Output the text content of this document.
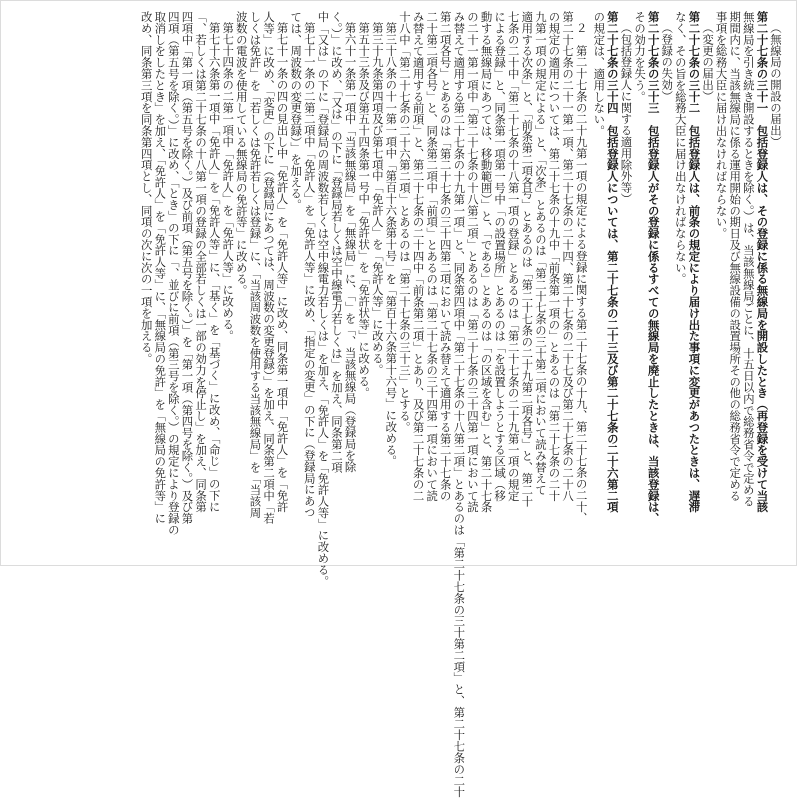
（無線局の開設の届出）
第二十七条の三十一　包括登録人は、その登録に係る無線局を開設したとき（再登録を受けて当該
無線局を引き続き開設するときを除く。）は、当該無線局ごとに、十五日以内で総務省令で定める
期間内に、当該無線局に係る運用開始の期日及び無線設備の設置場所その他の総務省令で定める
事項を総務大臣に届け出なければならない。
（変更の届出）
第二十七条の三十二　包括登録人は、前条の規定により届け出た事項に変更があつたときは、遅滞
なく、その旨を総務大臣に届け出なければならない。
（登録の失効）
第二十七条の三十三　包括登録人がその登録に係るすべての無線局を廃止したときは、当該登録は、
その効力を失う。
（包括登録人に関する適用除外等）
第二十七条の三十四　包括登録人については、第二十七条の二十三及び第二十七条の二十六第二項
の規定は、適用しない。
２　第二十七条の二十九第一項の規定による登録に関する第二十七条の十九、第二十七条の二十、
第二十七条の二十一第一項、第二十七条の二十四、第二十七条の二十七及び第二十七条の二十八
の規定の適用については、第二十七条の十九中「前条第一項の」とあるのは「第二十七条の二十
九第一項の規定による」と、「次条」とあるのは「第二十七条の三十第二項において読み替えて
適用する次条」と、「前条第二項各号」とあるのは「第二十七条の二十九第二項各号」と、第二十
七条の二十中「第二十七条の十八第一項の登録」とあるのは「第二十七条の二十九第一項の規定
による登録」と、同条第一項第一号中「の設置場所」とあるのは「を設置しようとする区域（移
動する無線局にあつては、移動範囲）」と、「である」とあるのは「の区域を含む」と、第二十七条
の二十一第一項中「第二十七条の十八第二項」とあるのは「第二十七条の三十四第一項において読
み替えて適用する第二十七条の十九第一項」と、同条第四項中「第二十七条の十八第二項」とあるのは「第二十七条の三十第二項」と、第二十七条の二十
第二項各号」とあるのは「第二十七条の三十四第二項において読み替えて適用する第二十七条の
二十第二項各号」と、同条第二項中「前項」とあるのは「第二十七条の三十四第一項において読
み替えて適用する前項」と、第二十七条の二十四中「前条第二項」とあり、及び第二十七条の二
十八中「第二十七条の二十六第二項」とあるのは「第二十七条の三十三」とする。
第三十八条の十一第一項中「第百十六条第十号」を「第百十六条第十六号」に改める。
第三十九条第四項及び第七項中「免許人」を「免許人等」に改める。
第五十三条及び第五十四条第一号中「免許状」を「免許状等」に改める。
第六十一条第一項中「当該無線局」を「無線局」に、「」を「、当該無線局（登録局を除
く。）」に改め、「又は」の下に「登録局若しくは空中線電力若しくは」を加え、同条第二項
中「又は」の下に「登録局の周波数若しくは空中線電力若しくは」を加え、「免許人」を「免許人等」に改める。
第七十一条の二第二項中「免許人」を「免許人等」に改め、「指定の変更」の下に（登録局にあつ
ては、周波数の変更登録）」を加える。
第七十一条の四の見出し中「免許人」を「免許人等」に改め、同条第一項中「免許人」を「免許
人等」に改め、「変更」の下に（登録局にあつては、周波数の変更登録）」を加え、同条第二項中「若
しくは免許」を「若しくは免許若しくは登録」に、「当該周波数を使用する当該無線局」を「当該周
波数の電波を使用している無線局の免許等」に改める。
第七十四条の二第一項中「免許人」を「免許人等」に改める。
第七十六条第一項中「免許人」を「免許人等」に、「基く」を「基づく」に改め、「命じ」の下に
「、若しくは第二十七条の十八第一項の登録の全部若しくは一部の効力を停止し」を加え、同条第
四項中「第一項（第五号を除く。）及び前項（第五号を除く。）」を「第一項（第四号を除く。）及び第
四項（第五号を除く。）」に改め、「とき」の下に「、並びに前項（第三号を除く。）の規定により登録の
取消しをしたとき」を加え、「免許人」を「免許人等」に、「無線局の免許」を「無線局の免許等」に
改め、同条第三項を同条第四項とし、同項の次に次の一項を加える。
